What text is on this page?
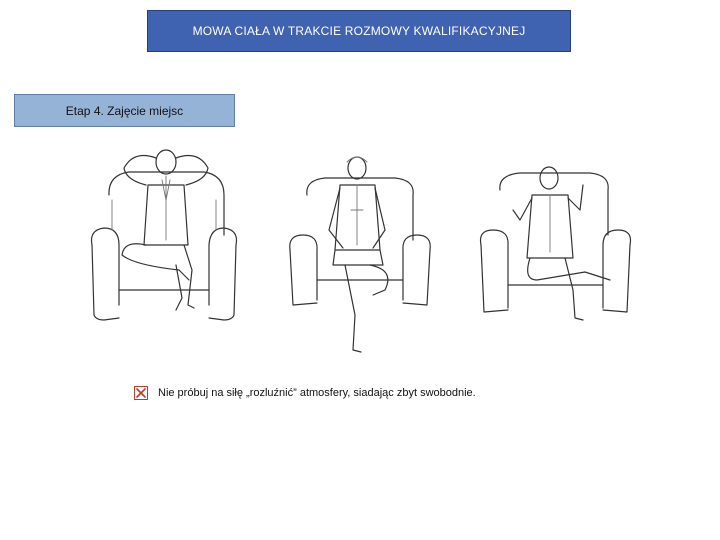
MOWA CIAŁA W TRAKCIE ROZMOWY KWALIFIKACYJNEJ
Etap 4. Zajęcie miejsc
Nie próbuj na siłę „rozluźnić” atmosfery, siadając zbyt swobodnie.
